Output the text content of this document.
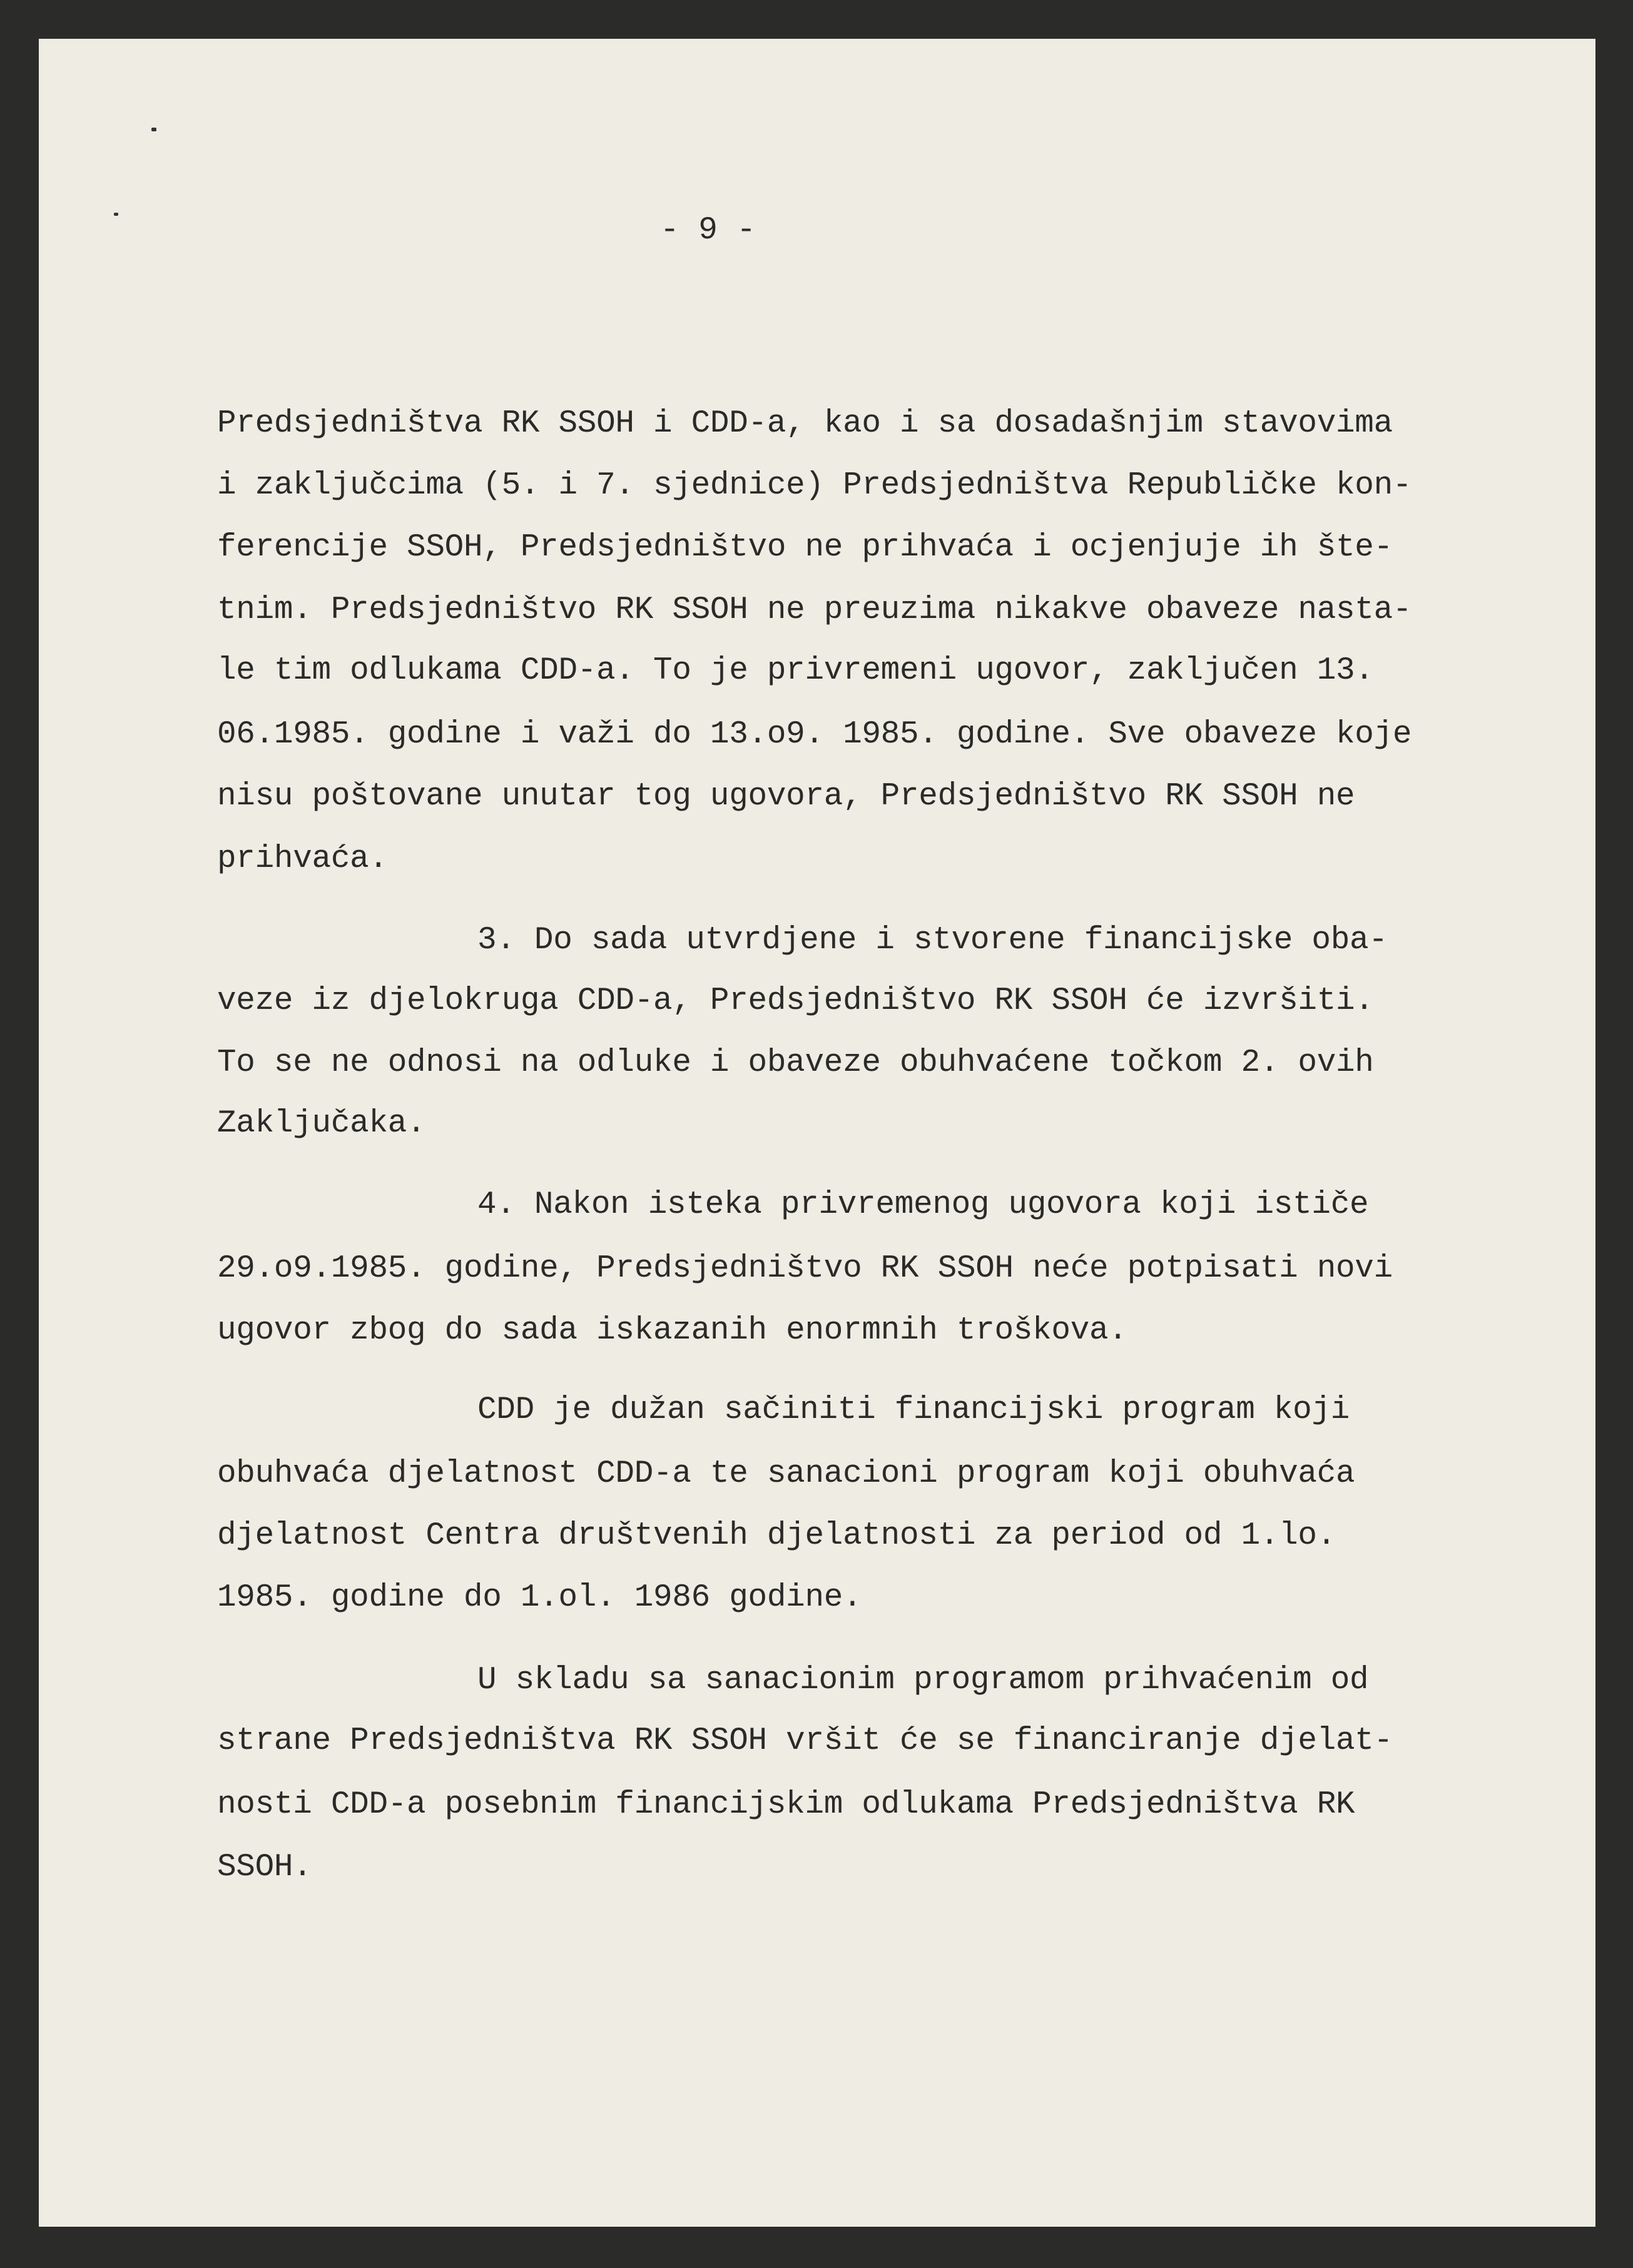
- 9 -
Predsjedništva RK SSOH i CDD-a, kao i sa dosadašnjim stavovima
i zaključcima (5. i 7. sjednice) Predsjedništva Republičke kon-
ferencije SSOH, Predsjedništvo ne prihvaća i ocjenjuje ih šte-
tnim. Predsjedništvo RK SSOH ne preuzima nikakve obaveze nasta-
le tim odlukama CDD-a. To je privremeni ugovor, zaključen 13.
06.1985. godine i važi do 13.o9. 1985. godine. Sve obaveze koje
nisu poštovane unutar tog ugovora, Predsjedništvo RK SSOH ne
prihvaća.
3. Do sada utvrdjene i stvorene financijske oba-
veze iz djelokruga CDD-a, Predsjedništvo RK SSOH će izvršiti.
To se ne odnosi na odluke i obaveze obuhvaćene točkom 2. ovih
Zaključaka.
4. Nakon isteka privremenog ugovora koji ističe
29.o9.1985. godine, Predsjedništvo RK SSOH neće potpisati novi
ugovor zbog do sada iskazanih enormnih troškova.
CDD je dužan sačiniti financijski program koji
obuhvaća djelatnost CDD-a te sanacioni program koji obuhvaća
djelatnost Centra društvenih djelatnosti za period od 1.lo.
1985. godine do 1.ol. 1986 godine.
U skladu sa sanacionim programom prihvaćenim od
strane Predsjedništva RK SSOH vršit će se financiranje djelat-
nosti CDD-a posebnim financijskim odlukama Predsjedništva RK
SSOH.
